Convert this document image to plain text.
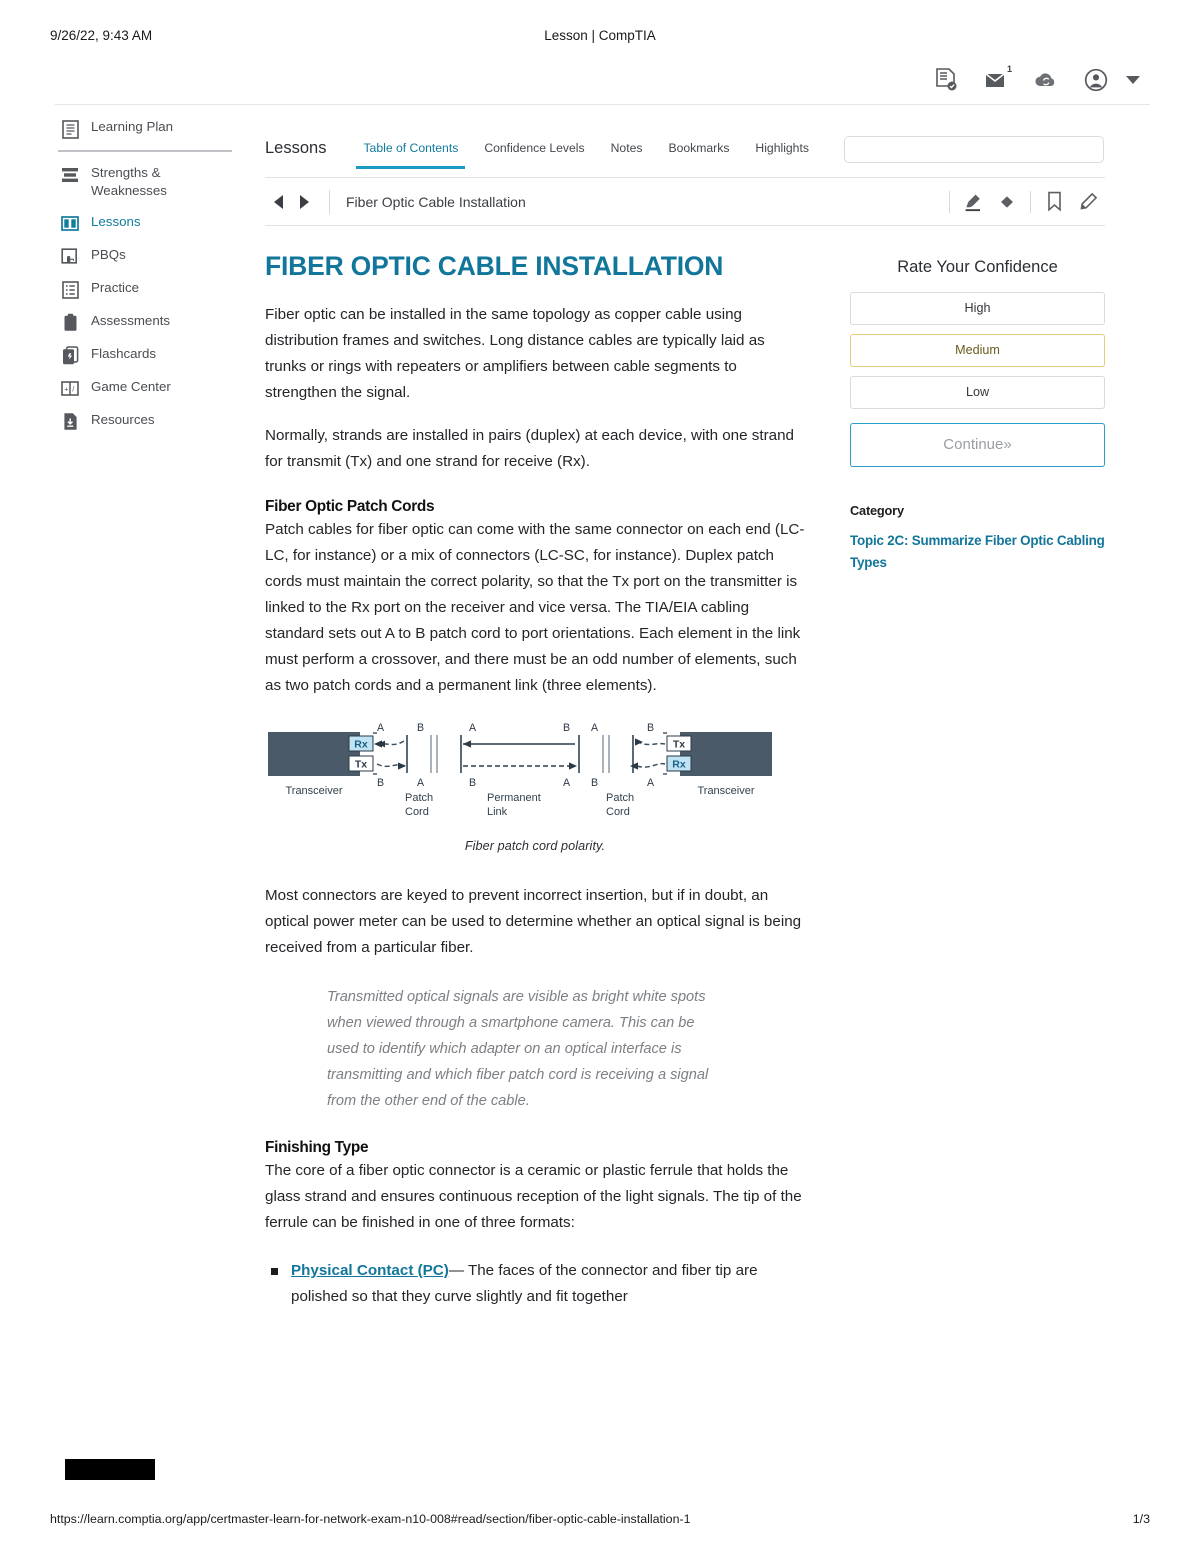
9/26/22, 9:43 AM	Lesson | CompTIA
1
Learning Plan
Strengths & Weaknesses
Lessons
PBQs
Practice
Assessments
Flashcards
+ / Game Center
Resources
Lessons	Table of Contents	Confidence Levels	Notes	Bookmarks	Highlights
Fiber Optic Cable Installation
FIBER OPTIC CABLE INSTALLATION

Fiber optic can be installed in the same topology as copper cable using distribution frames and switches. Long distance cables are typically laid as trunks or rings with repeaters or amplifiers between cable segments to strengthen the signal.

Normally, strands are installed in pairs (duplex) at each device, with one strand for transmit (Tx) and one strand for receive (Rx).

Fiber Optic Patch Cords

Patch cables for fiber optic can come with the same connector on each end (LC-LC, for instance) or a mix of connectors (LC-SC, for instance). Duplex patch cords must maintain the correct polarity, so that the Tx port on the transmitter is linked to the Rx port on the receiver and vice versa. The TIA/EIA cabling standard sets out A to B patch cord to port orientations. Each element in the link must perform a crossover, and there must be an odd number of elements, such as two patch cords and a permanent link (three elements).

Rx
Tx
Tx
Rx
A	B	A	B A	B
B	A	B	A B	A
Transceiver	Transceiver
Patch
Cord
Permanent
Link
Patch
Cord
Fiber patch cord polarity.

Most connectors are keyed to prevent incorrect insertion, but if in doubt, an optical power meter can be used to determine whether an optical signal is being received from a particular fiber.

Transmitted optical signals are visible as bright white spots when viewed through a smartphone camera. This can be used to identify which adapter on an optical interface is transmitting and which fiber patch cord is receiving a signal from the other end of the cable.
Finishing Type

The core of a fiber optic connector is a ceramic or plastic ferrule that holds the glass strand and ensures continuous reception of the light signals. The tip of the ferrule can be finished in one of three formats:

Physical Contact (PC)— The faces of the connector and fiber tip are polished so that they curve slightly and fit together
Rate Your Confidence
High
Medium
Low
Continue»
Category
Topic 2C: Summarize Fiber Optic Cabling Types
https://learn.comptia.org/app/certmaster-learn-for-network-exam-n10-008#read/section/fiber-optic-cable-installation-1	1/3
